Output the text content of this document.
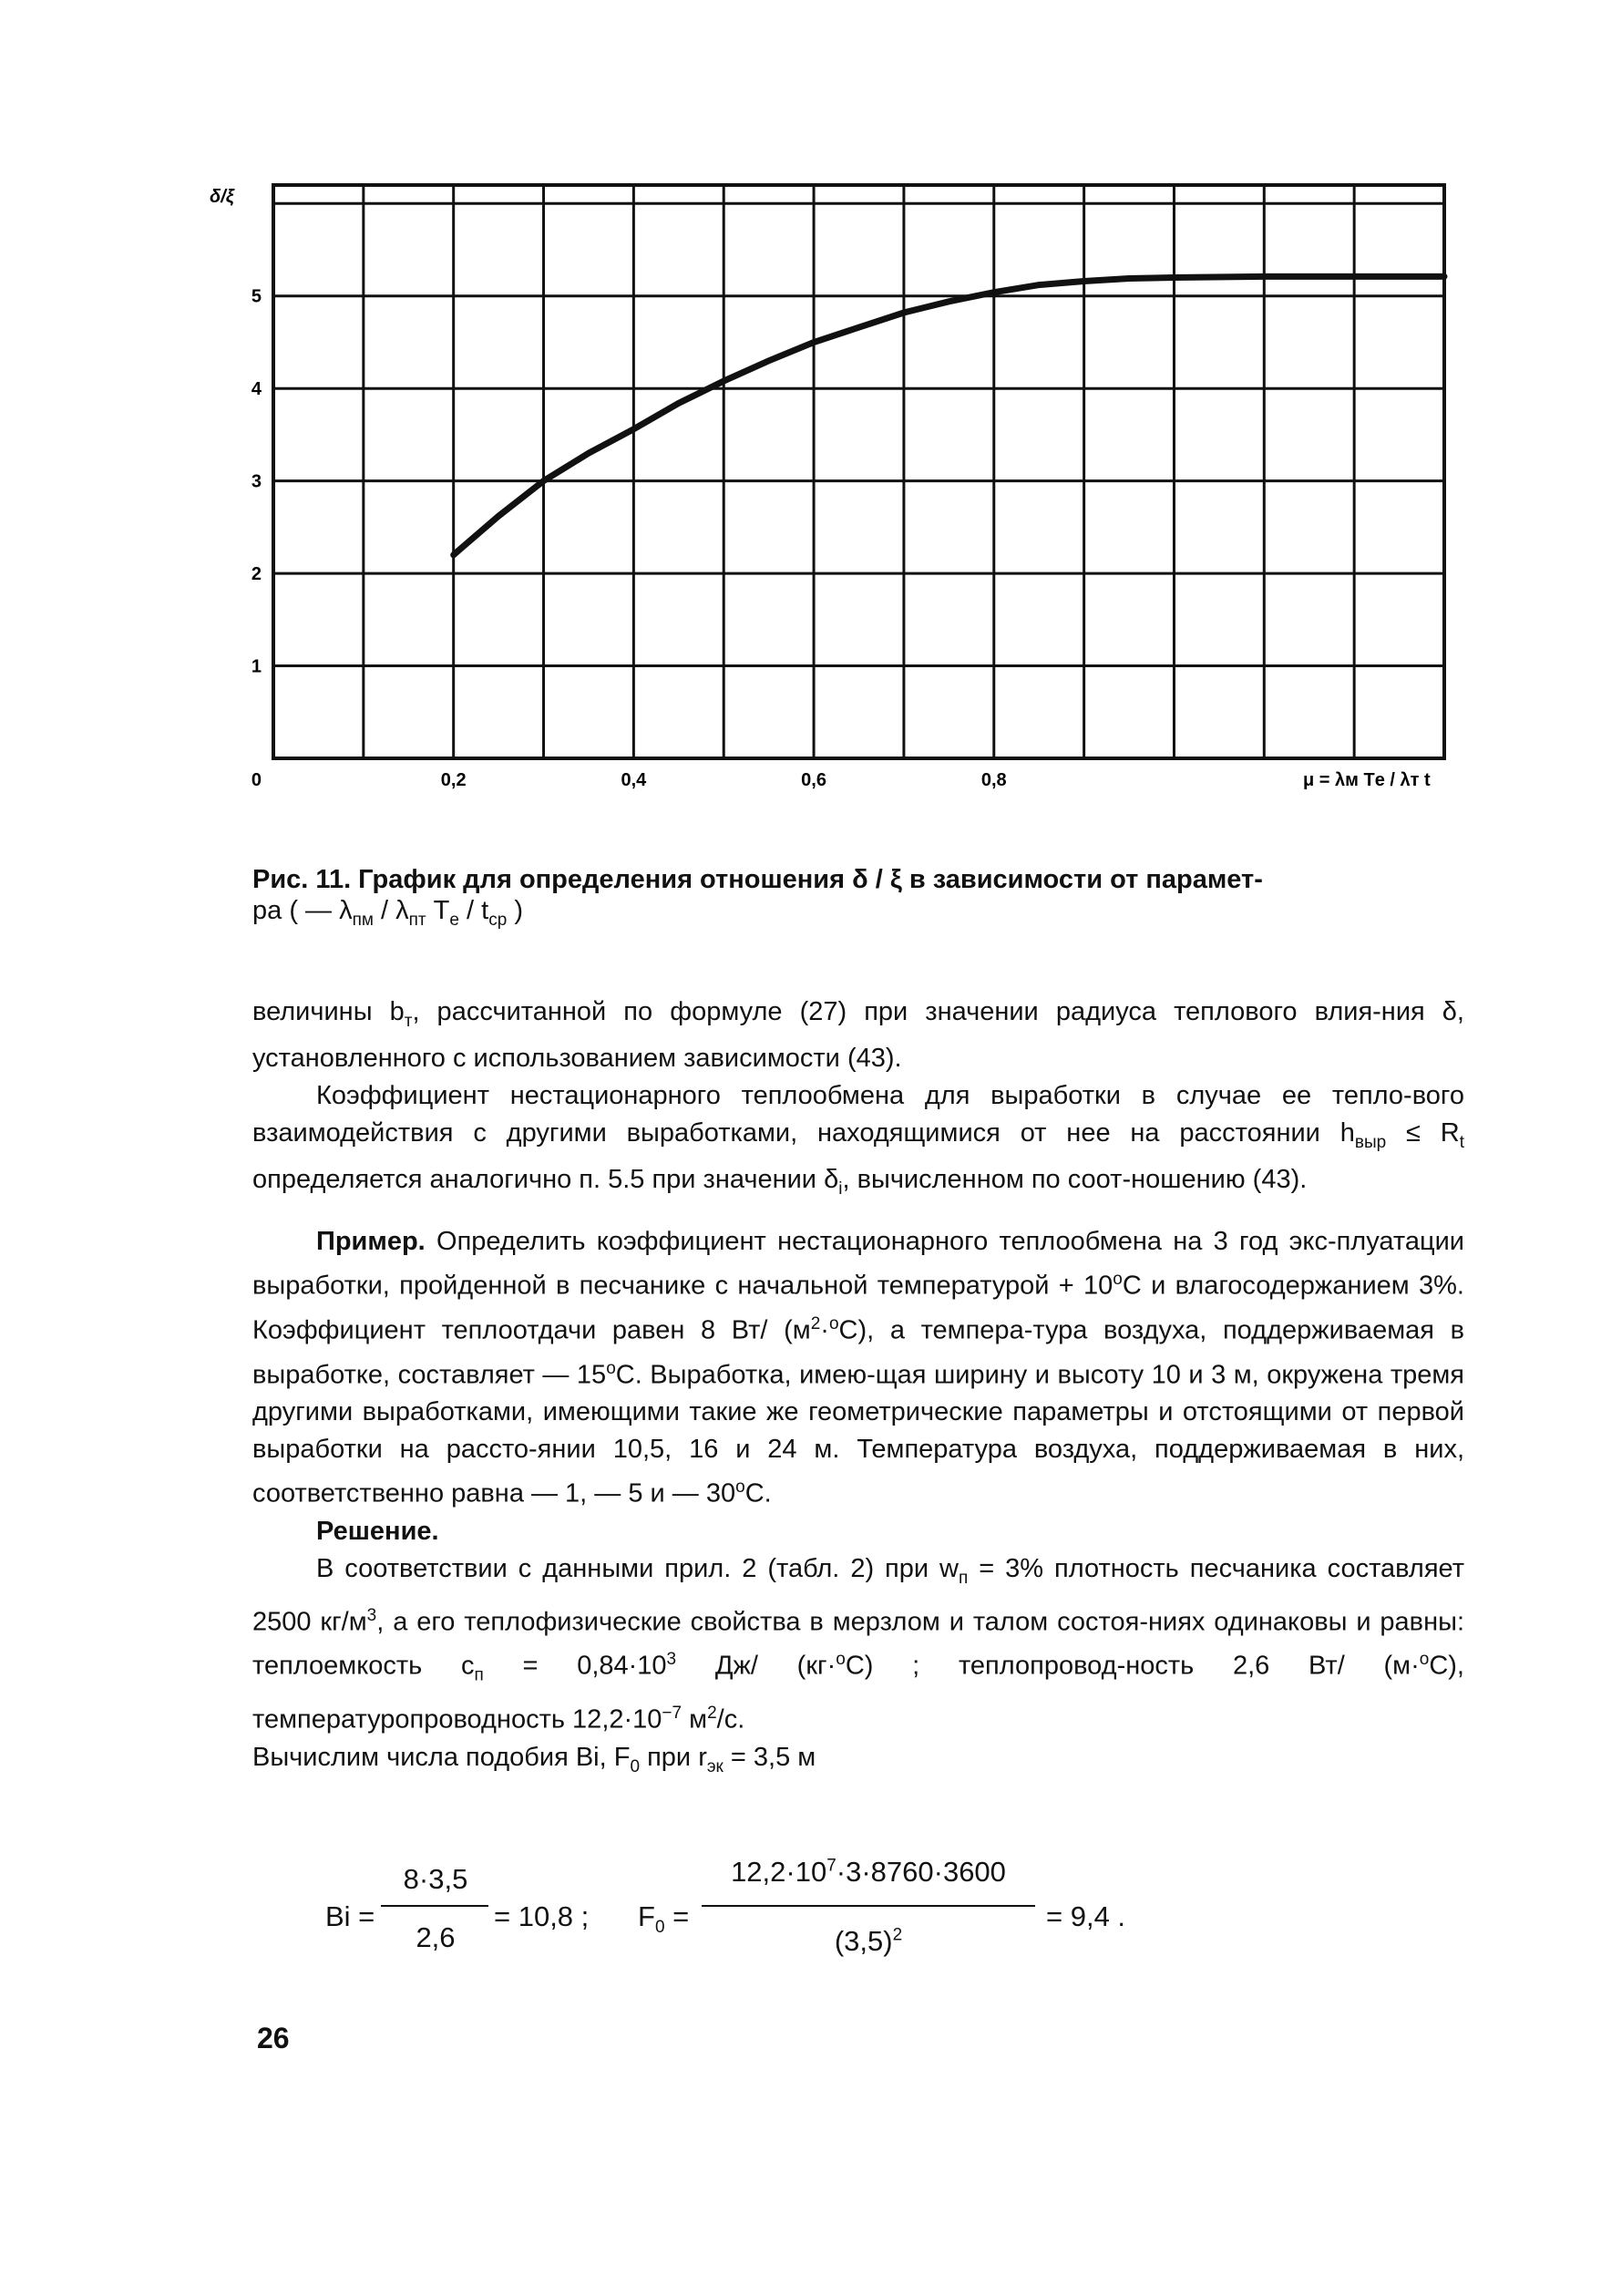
1
2
3
4
5
0,2	0,4	0,6	0,8
0
δ/ξ
μ = λм Tе / λт t
Рис. 11. График для определения отношения δ / ξ в зависимости от парамет-
ра ( — $\lambda_{пм} / \lambda_{пт}$ $T_е / t_{ср}$ )

величины $b_т$, рассчитанной по формуле (27) при значении радиуса теплового влия-ния δ, установленного с использованием зависимости (43).

Коэффициент нестационарного теплообмена для выработки в случае ее тепло-вого взаимодействия с другими выработками, находящимися от нее на расстоянии $h_{выр} \le R_t$ определяется аналогично п. 5.5 при значении $\delta_i$, вычисленном по соот-ношению (43).

Пример. Определить коэффициент нестационарного теплообмена на 3 год экс-плуатации выработки, пройденной в песчанике с начальной температурой + $10^оС$ и влагосодержанием 3%. Коэффициент теплоотдачи равен 8 Вт/ $(м^2\cdot^оС)$, а темпера-тура воздуха, поддерживаемая в выработке, составляет — $15^оС$. Выработка, имею-щая ширину и высоту 10 и 3 м, окружена тремя другими выработками, имеющими такие же геометрические параметры и отстоящими от первой выработки на рассто-янии 10,5, 16 и 24 м. Температура воздуха, поддерживаемая в них, соответственно равна — 1, — 5 и — $30^оС$.

Решение.

В соответствии с данными прил. 2 (табл. 2) при $w_п = 3\%$ плотность песчаника составляет 2500 $кг/м^3$, а его теплофизические свойства в мерзлом и талом состоя-ниях одинаковы и равны: теплоемкость $с_п = 0,84\cdot 10^3$ Дж/ (кг·$^о$С) ; теплопровод-ность 2,6 Вт/ (м·$^о$С), температуропроводность $12,2\cdot 10^{-7}$ $м^2/с$.

Вычислим числа подобия Bi, $F_0$ при $r_{эк} = 3,5$ м

Bi =
8·3,5
2,6
= 10,8 ; $F_0$ =
$12,2\cdot 10^7\cdot 3\cdot 8760\cdot 3600$
$(3,5)^2$
= 9,4 .
26
